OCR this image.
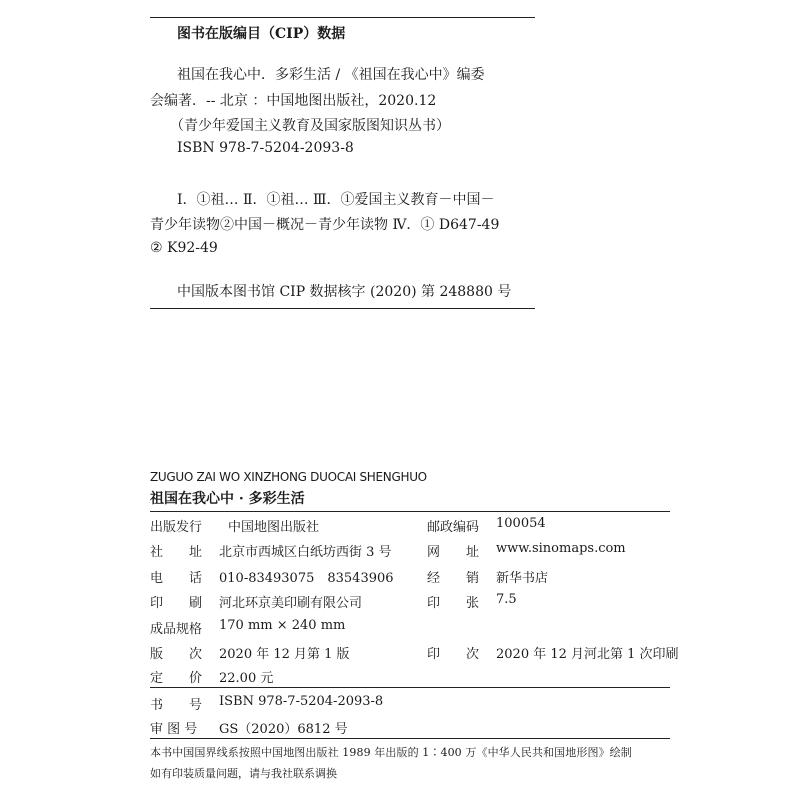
图书在版编目（CIP）数据
祖国在我心中．多彩生活 / 《祖国在我心中》编委
会编著．-- 北京 ：中国地图出版社，2020.12
（青少年爱国主义教育及国家版图知识丛书）
ISBN 978-7-5204-2093-8
Ⅰ．①祖… Ⅱ．①祖… Ⅲ．①爱国主义教育－中国－
青少年读物②中国－概况－青少年读物 Ⅳ．① D647-49
② K92-49
中国版本图书馆 CIP 数据核字 (2020) 第 248880 号
ZUGUO ZAI WO XINZHONG DUOCAI SHENGHUO
祖国在我心中 · 多彩生活
出版发行 中国地图出版社	邮政编码 100054
社　　址 北京市西城区白纸坊西街 3 号	网　　址 www.sinomaps.com
电　　话 010-83493075　83543906	经　　销 新华书店
印　　刷 河北环京美印刷有限公司	印　　张 7.5
成品规格 170 mm × 240 mm
版　　次 2020 年 12 月第 1 版	印　　次 2020 年 12 月河北第 1 次印刷
定　　价 22.00 元
书　　号 ISBN 978-7-5204-2093-8
审 图 号 GS（2020）6812 号
本书中国国界线系按照中国地图出版社 1989 年出版的 1∶400 万《中华人民共和国地形图》绘制
如有印装质量问题，请与我社联系调换
